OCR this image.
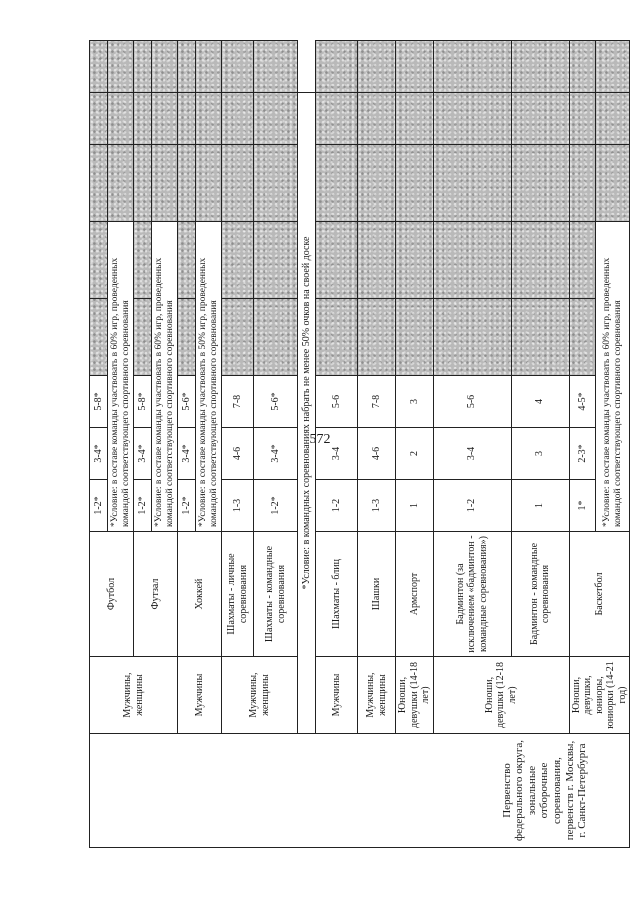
572
Первенство федерального округа, зональные отборочные соревнования, первенств г. Москвы, г. Санкт-Петербурга	Мужчины, женщины	Футбол	1-2*	3-4*	5-8*					
			*Условие: в составе команды участвовать в 60% игр, проведенных командой соответствующего спортивного соревнования							
		Футзал	1-2*	3-4*	5-8*					
			*Условие: в составе команды участвовать в 60% игр, проведенных командой соответствующего спортивного соревнования							
	Мужчины	Хоккей	1-2*	3-4*	5-6*					
			*Условие: в составе команды участвовать в 50% игр, проведенных командой соответствующего спортивного соревнования							
	Мужчины, женщины	Шахматы - личные соревнования	1-3	4-6	7-8					
		Шахматы - командные соревнования	1-2*	3-4*	5-6*					
	*Условие: в командных соревнованиях набрать не менее 50% очков на своей доске									
	Мужчины	Шахматы - блиц	1-2	3-4	5-6					
	Мужчины, женщины	Шашки	1-3	4-6	7-8					
	Юноши, девушки (14-18 лет)	Армспорт	1	2	3					
	Юноши, девушки (12-18 лет)	Бадминтон (за исключением «бадминтон - командные соревнования»)	1-2	3-4	5-6					
		Бадминтон - командные соревнования	1	3	4					
	Юноши, девушки, юниоры, юниорки (14-21 год)	Баскетбол	1*	2-3*	4-5*					
			*Условие: в составе команды участвовать в 60% игр, проведенных командой соответствующего спортивного соревнования							
